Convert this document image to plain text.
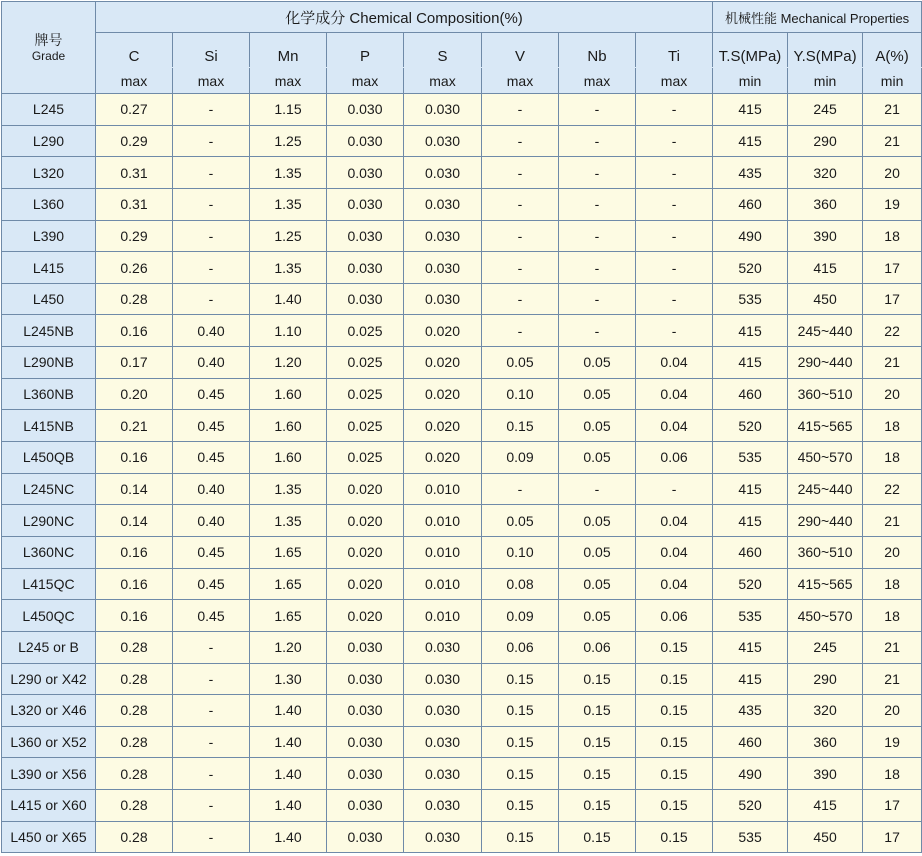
牌号
Grade	化学成分 Chemical Composition(%)								机械性能 Mechanical Properties		
	C	Si	Mn	P	S	V	Nb	Ti	T.S(MPa)	Y.S(MPa)	A(%)
	max	max	max	max	max	max	max	max	min	min	min
L245	0.27	-	1.15	0.030	0.030	-	-	-	415	245	21
L290	0.29	-	1.25	0.030	0.030	-	-	-	415	290	21
L320	0.31	-	1.35	0.030	0.030	-	-	-	435	320	20
L360	0.31	-	1.35	0.030	0.030	-	-	-	460	360	19
L390	0.29	-	1.25	0.030	0.030	-	-	-	490	390	18
L415	0.26	-	1.35	0.030	0.030	-	-	-	520	415	17
L450	0.28	-	1.40	0.030	0.030	-	-	-	535	450	17
L245NB	0.16	0.40	1.10	0.025	0.020	-	-	-	415	245~440	22
L290NB	0.17	0.40	1.20	0.025	0.020	0.05	0.05	0.04	415	290~440	21
L360NB	0.20	0.45	1.60	0.025	0.020	0.10	0.05	0.04	460	360~510	20
L415NB	0.21	0.45	1.60	0.025	0.020	0.15	0.05	0.04	520	415~565	18
L450QB	0.16	0.45	1.60	0.025	0.020	0.09	0.05	0.06	535	450~570	18
L245NC	0.14	0.40	1.35	0.020	0.010	-	-	-	415	245~440	22
L290NC	0.14	0.40	1.35	0.020	0.010	0.05	0.05	0.04	415	290~440	21
L360NC	0.16	0.45	1.65	0.020	0.010	0.10	0.05	0.04	460	360~510	20
L415QC	0.16	0.45	1.65	0.020	0.010	0.08	0.05	0.04	520	415~565	18
L450QC	0.16	0.45	1.65	0.020	0.010	0.09	0.05	0.06	535	450~570	18
L245 or B	0.28	-	1.20	0.030	0.030	0.06	0.06	0.15	415	245	21
L290 or X42	0.28	-	1.30	0.030	0.030	0.15	0.15	0.15	415	290	21
L320 or X46	0.28	-	1.40	0.030	0.030	0.15	0.15	0.15	435	320	20
L360 or X52	0.28	-	1.40	0.030	0.030	0.15	0.15	0.15	460	360	19
L390 or X56	0.28	-	1.40	0.030	0.030	0.15	0.15	0.15	490	390	18
L415 or X60	0.28	-	1.40	0.030	0.030	0.15	0.15	0.15	520	415	17
L450 or X65	0.28	-	1.40	0.030	0.030	0.15	0.15	0.15	535	450	17
